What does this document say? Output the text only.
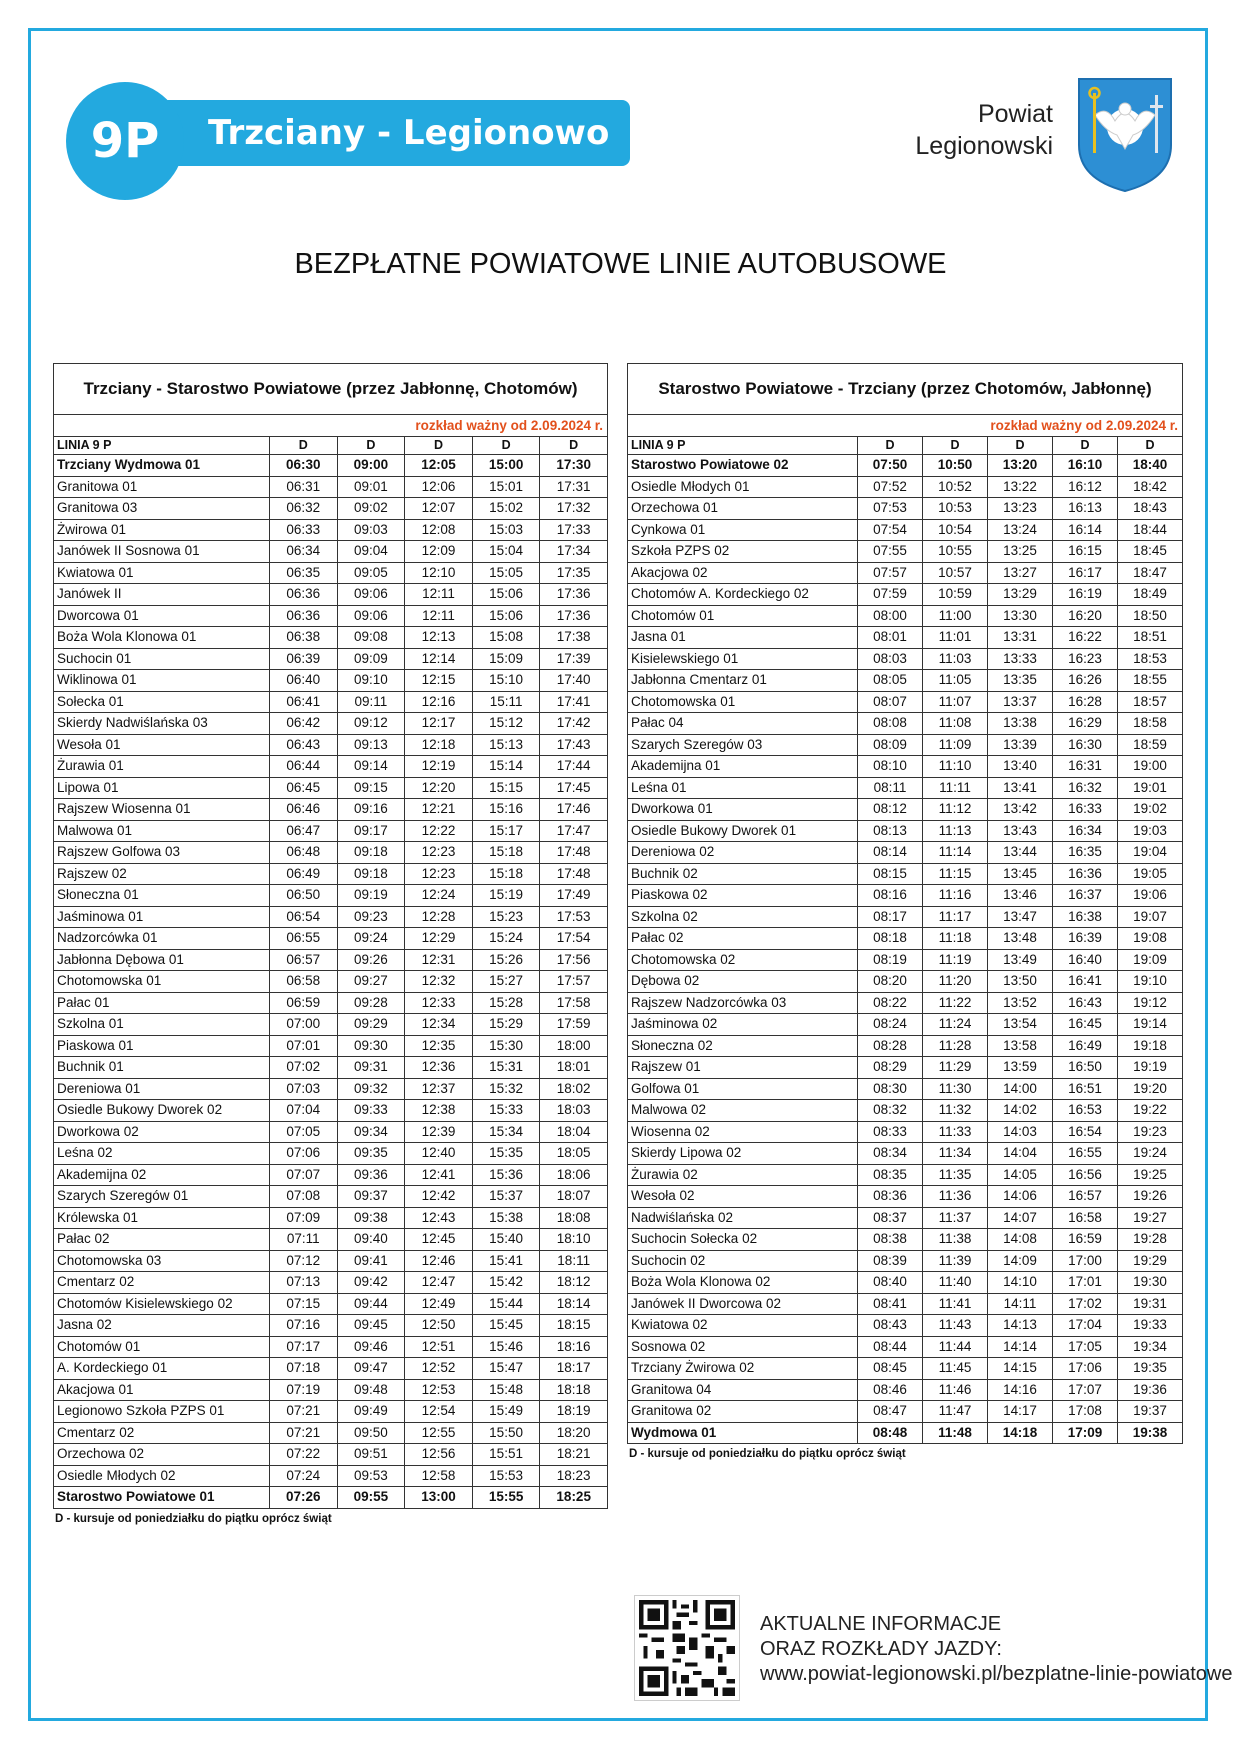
Trzciany - Legionowo
9P	Powiat
Legionowski
BEZPŁATNE POWIATOWE LINIE AUTOBUSOWE
Trzciany - Starostwo Powiatowe (przez Jabłonnę, Chotomów)
rozkład ważny od 2.09.2024 r.
LINIA 9 P	D	D	D	D	D
Trzciany Wydmowa 01	06:30	09:00	12:05	15:00	17:30
Granitowa 01	06:31	09:01	12:06	15:01	17:31
Granitowa 03	06:32	09:02	12:07	15:02	17:32
Żwirowa 01	06:33	09:03	12:08	15:03	17:33
Janówek II Sosnowa 01	06:34	09:04	12:09	15:04	17:34
Kwiatowa 01	06:35	09:05	12:10	15:05	17:35
Janówek II	06:36	09:06	12:11	15:06	17:36
Dworcowa 01	06:36	09:06	12:11	15:06	17:36
Boża Wola Klonowa 01	06:38	09:08	12:13	15:08	17:38
Suchocin 01	06:39	09:09	12:14	15:09	17:39
Wiklinowa 01	06:40	09:10	12:15	15:10	17:40
Sołecka 01	06:41	09:11	12:16	15:11	17:41
Skierdy Nadwiślańska 03	06:42	09:12	12:17	15:12	17:42
Wesoła 01	06:43	09:13	12:18	15:13	17:43
Żurawia 01	06:44	09:14	12:19	15:14	17:44
Lipowa 01	06:45	09:15	12:20	15:15	17:45
Rajszew Wiosenna 01	06:46	09:16	12:21	15:16	17:46
Malwowa 01	06:47	09:17	12:22	15:17	17:47
Rajszew Golfowa 03	06:48	09:18	12:23	15:18	17:48
Rajszew 02	06:49	09:18	12:23	15:18	17:48
Słoneczna 01	06:50	09:19	12:24	15:19	17:49
Jaśminowa 01	06:54	09:23	12:28	15:23	17:53
Nadzorcówka 01	06:55	09:24	12:29	15:24	17:54
Jabłonna Dębowa 01	06:57	09:26	12:31	15:26	17:56
Chotomowska 01	06:58	09:27	12:32	15:27	17:57
Pałac 01	06:59	09:28	12:33	15:28	17:58
Szkolna 01	07:00	09:29	12:34	15:29	17:59
Piaskowa 01	07:01	09:30	12:35	15:30	18:00
Buchnik 01	07:02	09:31	12:36	15:31	18:01
Dereniowa 01	07:03	09:32	12:37	15:32	18:02
Osiedle Bukowy Dworek 02	07:04	09:33	12:38	15:33	18:03
Dworkowa 02	07:05	09:34	12:39	15:34	18:04
Leśna 02	07:06	09:35	12:40	15:35	18:05
Akademijna 02	07:07	09:36	12:41	15:36	18:06
Szarych Szeregów 01	07:08	09:37	12:42	15:37	18:07
Królewska 01	07:09	09:38	12:43	15:38	18:08
Pałac 02	07:11	09:40	12:45	15:40	18:10
Chotomowska 03	07:12	09:41	12:46	15:41	18:11
Cmentarz 02	07:13	09:42	12:47	15:42	18:12
Chotomów Kisielewskiego 02	07:15	09:44	12:49	15:44	18:14
Jasna 02	07:16	09:45	12:50	15:45	18:15
Chotomów 01	07:17	09:46	12:51	15:46	18:16
A. Kordeckiego 01	07:18	09:47	12:52	15:47	18:17
Akacjowa 01	07:19	09:48	12:53	15:48	18:18
Legionowo Szkoła PZPS 01	07:21	09:49	12:54	15:49	18:19
Cmentarz 02	07:21	09:50	12:55	15:50	18:20
Orzechowa 02	07:22	09:51	12:56	15:51	18:21
Osiedle Młodych 02	07:24	09:53	12:58	15:53	18:23
Starostwo Powiatowe 01	07:26	09:55	13:00	15:55	18:25
D - kursuje od poniedziałku do piątku oprócz świąt
Starostwo Powiatowe - Trzciany (przez Chotomów, Jabłonnę)
rozkład ważny od 2.09.2024 r.
LINIA 9 P	D	D	D	D	D
Starostwo Powiatowe 02	07:50	10:50	13:20	16:10	18:40
Osiedle Młodych 01	07:52	10:52	13:22	16:12	18:42
Orzechowa 01	07:53	10:53	13:23	16:13	18:43
Cynkowa 01	07:54	10:54	13:24	16:14	18:44
Szkoła PZPS 02	07:55	10:55	13:25	16:15	18:45
Akacjowa 02	07:57	10:57	13:27	16:17	18:47
Chotomów A. Kordeckiego 02	07:59	10:59	13:29	16:19	18:49
Chotomów 01	08:00	11:00	13:30	16:20	18:50
Jasna 01	08:01	11:01	13:31	16:22	18:51
Kisielewskiego 01	08:03	11:03	13:33	16:23	18:53
Jabłonna Cmentarz 01	08:05	11:05	13:35	16:26	18:55
Chotomowska 01	08:07	11:07	13:37	16:28	18:57
Pałac 04	08:08	11:08	13:38	16:29	18:58
Szarych Szeregów 03	08:09	11:09	13:39	16:30	18:59
Akademijna 01	08:10	11:10	13:40	16:31	19:00
Leśna 01	08:11	11:11	13:41	16:32	19:01
Dworkowa 01	08:12	11:12	13:42	16:33	19:02
Osiedle Bukowy Dworek 01	08:13	11:13	13:43	16:34	19:03
Dereniowa 02	08:14	11:14	13:44	16:35	19:04
Buchnik 02	08:15	11:15	13:45	16:36	19:05
Piaskowa 02	08:16	11:16	13:46	16:37	19:06
Szkolna 02	08:17	11:17	13:47	16:38	19:07
Pałac 02	08:18	11:18	13:48	16:39	19:08
Chotomowska 02	08:19	11:19	13:49	16:40	19:09
Dębowa 02	08:20	11:20	13:50	16:41	19:10
Rajszew Nadzorcówka 03	08:22	11:22	13:52	16:43	19:12
Jaśminowa 02	08:24	11:24	13:54	16:45	19:14
Słoneczna 02	08:28	11:28	13:58	16:49	19:18
Rajszew 01	08:29	11:29	13:59	16:50	19:19
Golfowa 01	08:30	11:30	14:00	16:51	19:20
Malwowa 02	08:32	11:32	14:02	16:53	19:22
Wiosenna 02	08:33	11:33	14:03	16:54	19:23
Skierdy Lipowa 02	08:34	11:34	14:04	16:55	19:24
Żurawia 02	08:35	11:35	14:05	16:56	19:25
Wesoła 02	08:36	11:36	14:06	16:57	19:26
Nadwiślańska 02	08:37	11:37	14:07	16:58	19:27
Suchocin Sołecka 02	08:38	11:38	14:08	16:59	19:28
Suchocin 02	08:39	11:39	14:09	17:00	19:29
Boża Wola Klonowa 02	08:40	11:40	14:10	17:01	19:30
Janówek II Dworcowa 02	08:41	11:41	14:11	17:02	19:31
Kwiatowa 02	08:43	11:43	14:13	17:04	19:33
Sosnowa 02	08:44	11:44	14:14	17:05	19:34
Trzciany Żwirowa 02	08:45	11:45	14:15	17:06	19:35
Granitowa 04	08:46	11:46	14:16	17:07	19:36
Granitowa 02	08:47	11:47	14:17	17:08	19:37
Wydmowa 01	08:48	11:48	14:18	17:09	19:38
D - kursuje od poniedziałku do piątku oprócz świąt
AKTUALNE INFORMACJE
ORAZ ROZKŁADY JAZDY:
www.powiat-legionowski.pl/bezplatne-linie-powiatowe
